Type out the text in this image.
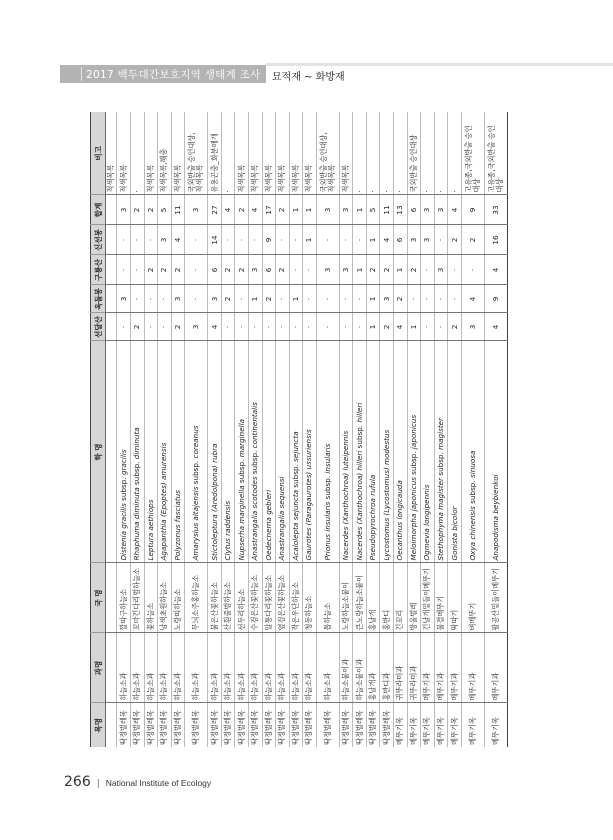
2017 백두대간보호지역 생태계 조사 묘적재 ~ 화방재
목명	과명	국 명	학 명	선달산	옥돌봉	구룡산	신선봉	합계	비고
									적색목록
딱정벌레목	하늘소과	깔따구하늘소	Distenia gracilis subsp. gracilis	·	3	·	·	3	적색목록
딱정벌레목	하늘소과	꼬마긴다리범하늘소	Rhaphuma diminuta subsp. diminuta	2	·	·	·	2	·
딱정벌레목	하늘소과	꽃하늘소	Leptura aethiops	·	·	2	·	2	적색목록
딱정벌레목	하늘소과	남색초원하늘소	Agapanthia (Epoptes) amurensis	·	·	2	3	5	적색목록,해충
딱정벌레목	하늘소과	노랑띠하늘소	Polyzonus fasciatus	2	3	2	4	11	적색목록
딱정벌레목	하늘소과	무늬소주홍하늘소	Amarysius altajensis subsp. coreanus	3	·	·	·	3	국외반출 승인대상,
적색목록
딱정벌레목	하늘소과	붉은산꽃하늘소	Stictoleptura (Aredolpona) rubra	4	3	6	14	27	유용곤충_화분매개
딱정벌레목	하늘소과	산흰줄범하늘소	Clytus raddensis	·	2	2	·	4	·
딱정벌레목	하늘소과	선두리하늘소	Nupserha marginella subsp. marginella	·	·	2	·	2	적색목록
딱정벌레목	하늘소과	수검은산꽃하늘소	Anastrangalia scotodes subsp. continentalis	·	1	3	·	4	적색목록
딱정벌레목	하늘소과	알통다리꽃하늘소	Oedecnema gebleri	·	2	6	9	17	적색목록
딱정벌레목	하늘소과	옆검은산꽃하늘소	Anastrangalia sequensi	·	·	2	·	2	적색목록
딱정벌레목	하늘소과	작은우단하늘소	Acalolepta sejuncta subsp. sejuncta	·	1	·	·	1	적색목록
딱정벌레목	하늘소과	청동하늘소	Gaurotes (Paragaurotes) ussuriensis	·	·	·	1	1	적색목록
딱정벌레목	하늘소과	톱하늘소	Prionus insularis subsp. insularis	·	·	3	·	3	국외반출 승인대상,
적색목록
딱정벌레목	하늘소붙이과	노랑하늘소붙이	Nacerdes (Xanthochroa) luteipennis	·	·	3	·	3	적색목록
딱정벌레목	하늘소붙이과	큰노랑하늘소붙이	Nacerdes (Xanthochroa) hilleri subsp. hilleri	·	·	1	·	1	·
딱정벌레목	홍날개과	홍날개	Pseudopyrochroa rufula	1	1	2	1	5	·
딱정벌레목	홍반디과	홍반디	Lycostomus (Lycostomus) modestus	2	3	2	4	11	·
메뚜기목	귀뚜라미과	긴꼬리	Oecanthus longicauda	4	2	1	6	13	·
메뚜기목	귀뚜라미과	방울벌레	Meloimorpha japonicus subsp. japonicus	1	·	2	3	6	국외반출 승인대상
메뚜기목	메뚜기과	긴날개밑들이메뚜기	Ogmevia longipennis	·	·	·	3	3	·
메뚜기목	메뚜기과	물결메뚜기	Stethophyma magister subsp. magister	·	·	3	·	3	·
메뚜기목	메뚜기과	딱따기	Gonista bicolor	2	·	·	2	4	·
메뚜기목	메뚜기과	벼메뚜기	Oxya chinensis subsp. sinuosa	3	4	·	2	9	고유종,국외반출 승인
대상
메뚜기목	메뚜기과	팔공산밑들이메뚜기	Anapodisma beybienkoi	4	9	4	16	33	고유종,국외반출 승인
대상
266 | National Institute of Ecology
